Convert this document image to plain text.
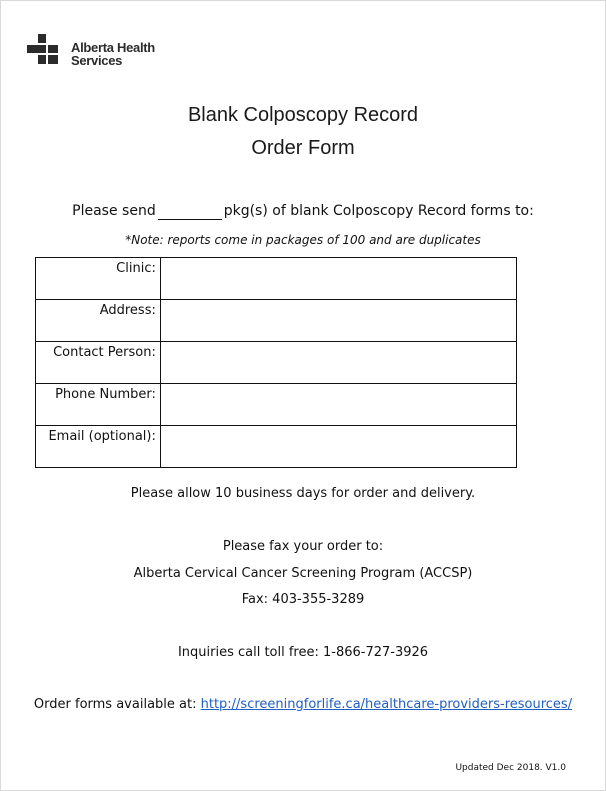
Alberta Health
Services
Blank Colposcopy Record
Order Form
Please send	pkg(s) of blank Colposcopy Record forms to:
*Note: reports come in packages of 100 and are duplicates
Clinic:	
Address:	
Contact Person:	
Phone Number:	
Email (optional):	
Please allow 10 business days for order and delivery.
Please fax your order to:
Alberta Cervical Cancer Screening Program (ACCSP)
Fax: 403-355-3289
Inquiries call toll free: 1-866-727-3926
Order forms available at: http://screeningforlife.ca/healthcare-providers-resources/
Updated Dec 2018. V1.0
